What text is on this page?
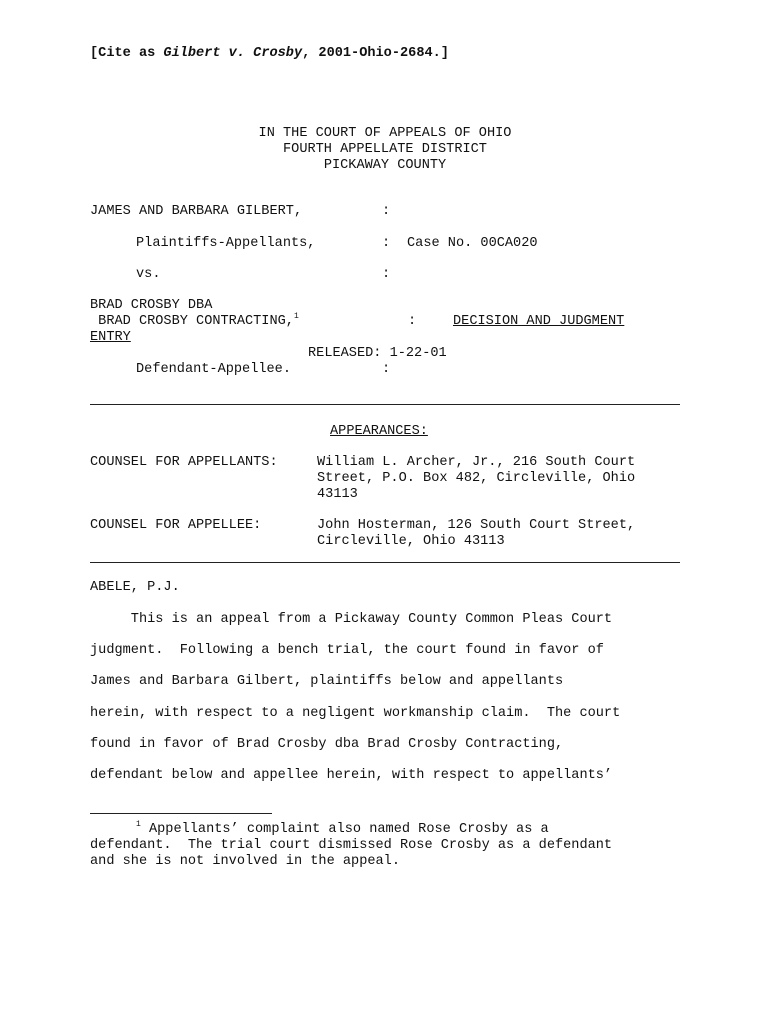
[Cite as Gilbert v. Crosby, 2001-Ohio-2684.]
IN THE COURT OF APPEALS OF OHIO
FOURTH APPELLATE DISTRICT
PICKAWAY COUNTY
JAMES AND BARBARA GILBERT,	:
Plaintiffs-Appellants,	: Case No. 00CA020
vs.	:
BRAD CROSBY DBA
BRAD CROSBY CONTRACTING,$^1$	:	DECISION AND JUDGMENT
ENTRY
RELEASED: 1-22-01
Defendant-Appellee.	:
APPEARANCES:
COUNSEL FOR APPELLANTS:	William L. Archer, Jr., 216 South Court
Street, P.O. Box 482, Circleville, Ohio
43113
COUNSEL FOR APPELLEE:	John Hosterman, 126 South Court Street,
Circleville, Ohio 43113
ABELE, P.J.
This is an appeal from a Pickaway County Common Pleas Court
judgment.  Following a bench trial, the court found in favor of
James and Barbara Gilbert, plaintiffs below and appellants
herein, with respect to a negligent workmanship claim.  The court
found in favor of Brad Crosby dba Brad Crosby Contracting,
defendant below and appellee herein, with respect to appellants’
$^1$ Appellants’ complaint also named Rose Crosby as a
defendant.  The trial court dismissed Rose Crosby as a defendant
and she is not involved in the appeal.
